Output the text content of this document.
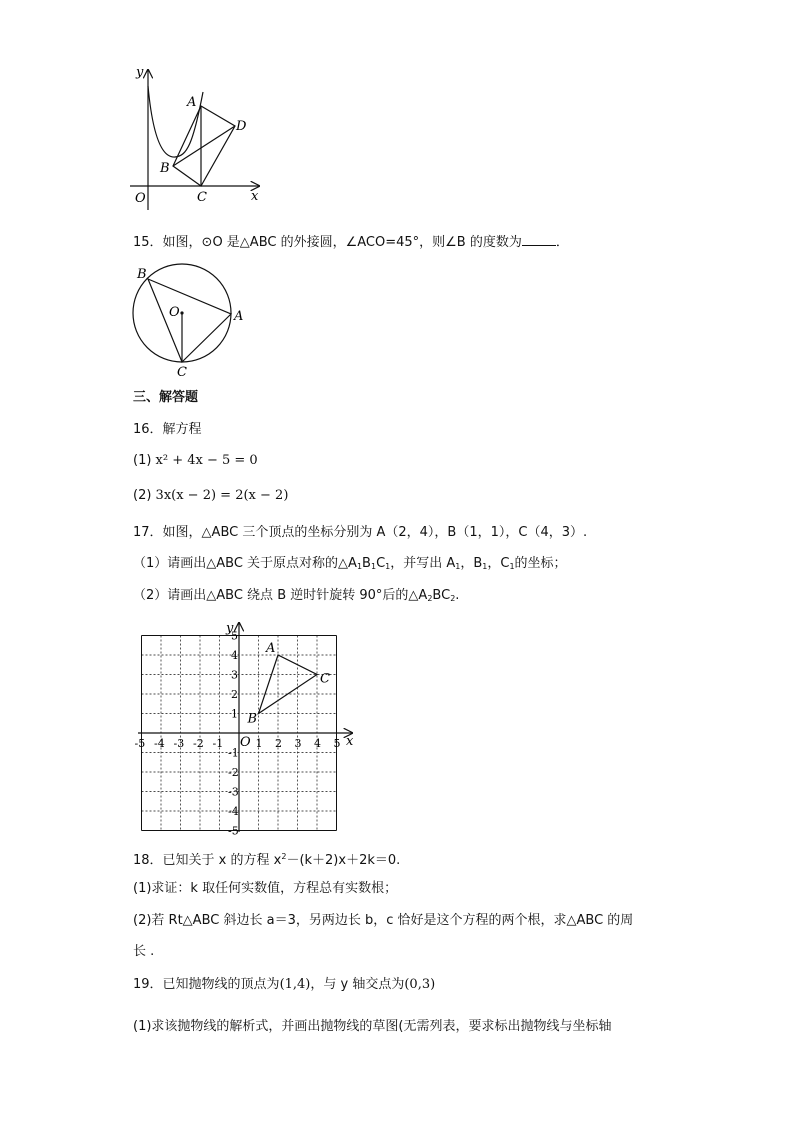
y
x
O
A
B
C
D
15．如图，⊙O 是△ABC 的外接圆，∠ACO=45°，则∠B 的度数为	．
B
O	A
C
三、解答题
16．解方程
(1) x² + 4x − 5 = 0
(2) 3x(x − 2) = 2(x − 2)
17．如图，△ABC 三个顶点的坐标分别为 A（2，4），B（1，1），C（4，3）.
（1）请画出△ABC 关于原点对称的$\triangle A_1B_1C_1$，并写出 $A_1$，$B_1$，$C_1$的坐标；
（2）请画出△ABC 绕点 B 逆时针旋转 90°后的$\triangle A_2BC_2$.
-5 -4 -3 -2 -1	1 2 3 4 5
5
4
3
2
1
-1
-2
-3
-4
-5
y
x
O
A
B
C
18．已知关于 x 的方程 $x^2-(k+2)x+2k=0$.
(1)求证：k 取任何实数值，方程总有实数根；
(2)若 Rt△ABC 斜边长 a＝3，另两边长 b，c 恰好是这个方程的两个根，求△ABC 的周
长 .
19．已知抛物线的顶点为(1,4)，与 y 轴交点为(0,3)
(1)求该抛物线的解析式，并画出抛物线的草图(无需列表，要求标出抛物线与坐标轴
